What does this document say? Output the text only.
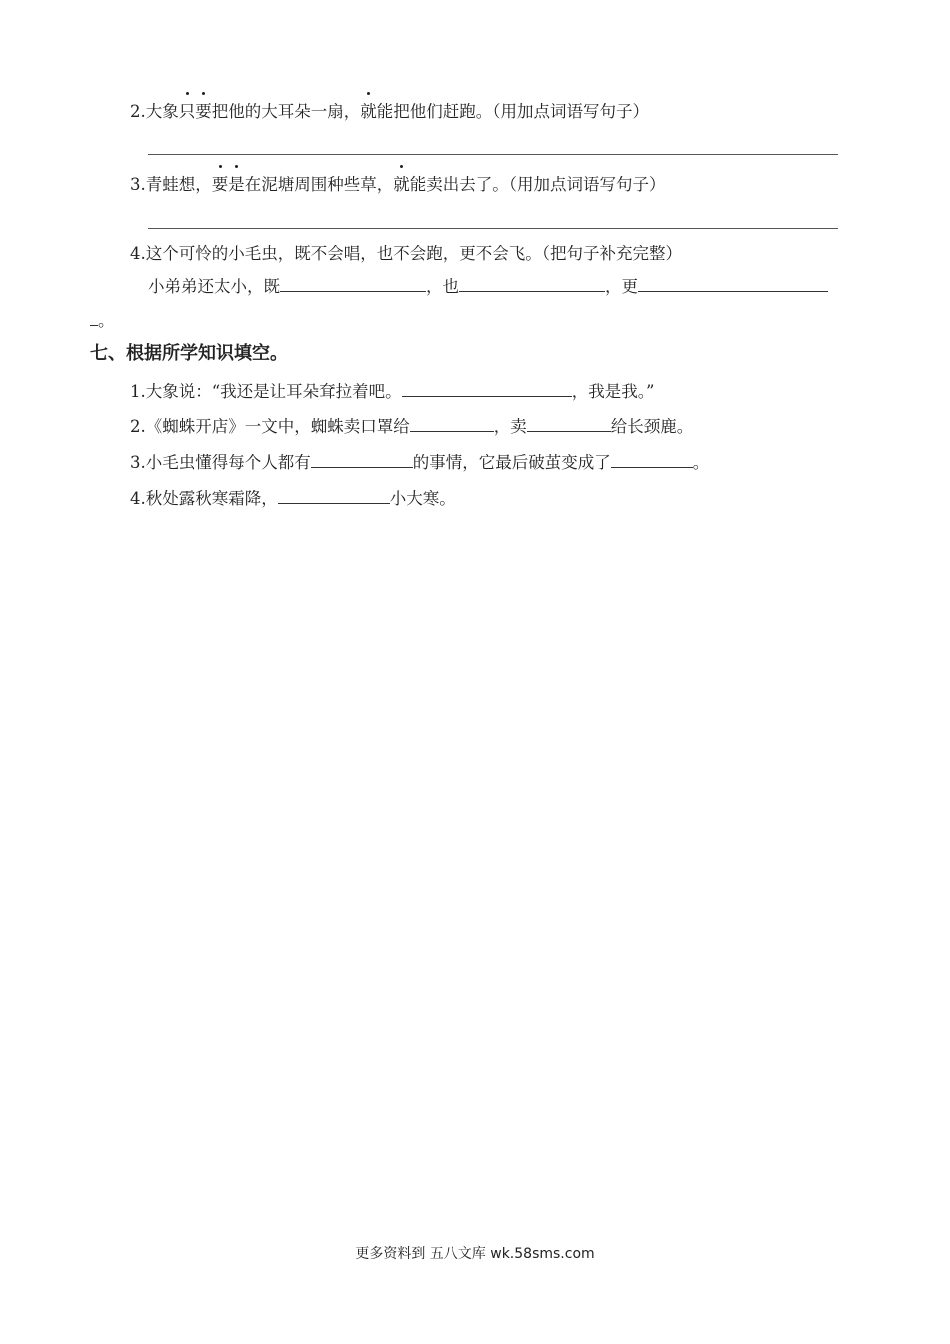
2.大象只要把他的大耳朵一扇，就能把他们赶跑。（用加点词语写句子）
3.青蛙想，要是在泥塘周围种些草，就能卖出去了。（用加点词语写句子）
4.这个可怜的小毛虫，既不会唱，也不会跑，更不会飞。（把句子补充完整）
小弟弟还太小，既	，也	，更
。
七、根据所学知识填空。
1.大象说：“我还是让耳朵耷拉着吧。	，我是我。”
2.《蜘蛛开店》一文中，蜘蛛卖口罩给	，卖	给长颈鹿。
3.小毛虫懂得每个人都有	的事情，它最后破茧变成了	。
4.秋处露秋寒霜降，	小大寒。
更多资料到 五八文库 wk.58sms.com
